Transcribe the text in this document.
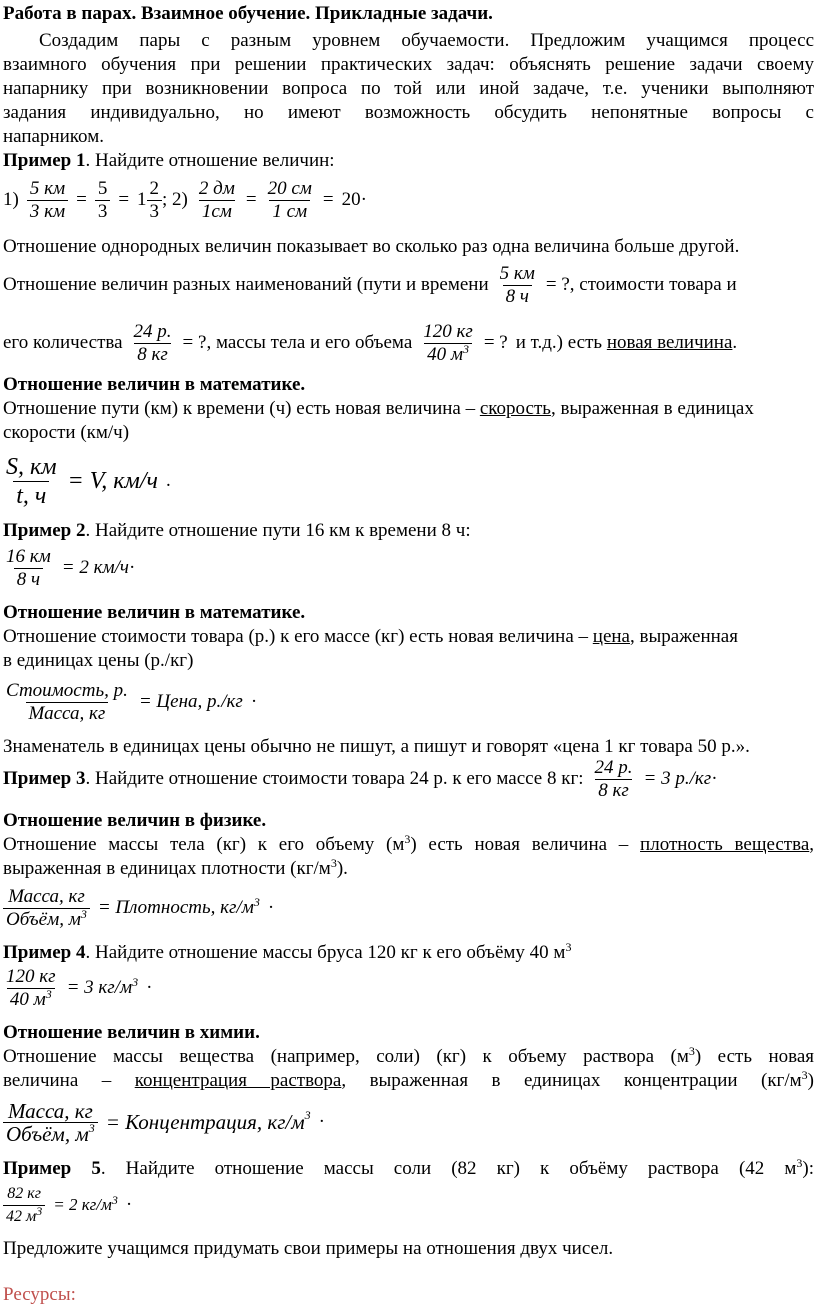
Работа в парах. Взаимное обучение. Прикладные задачи.
Создадим пары с разным уровнем обучаемости. Предложим учащимся процесс
взаимного обучения при решении практических задач: объяснять решение задачи своему
напарнику при возникновении вопроса по той или иной задаче, т.е. ученики выполняют
задания индивидуально, но имеют возможность обсудить непонятные вопросы с
напарником.
Пример 1. Найдите отношение величин:
1)
5 км
3 км
=
5
3
= 1
2
3
; 2)
2 дм
1см
=
20 см
1 см
= 20 ·
Отношение однородных величин показывает во сколько раз одна величина больше другой.
Отношение величин разных наименований (пути и времени
5 км
8 ч
= ? , стоимости товара и
его количества
24 р.
8 кг
= ? , массы тела и его объема
120 кг
40 $м^3$ = ? и т.д.) есть
новая величина .
Отношение величин в математике.
Отношение пути (км) к времени (ч) есть новая величина – скорость, выраженная в единицах
скорости (км/ч)
S, км
t, ч
= V, км/ч .
Пример 2. Найдите отношение пути 16 км к времени 8 ч:
16 км
8 ч
= 2 км/ч ·
Отношение величин в математике.
Отношение стоимости товара (р.) к его массе (кг) есть новая величина – цена, выраженная
в единицах цены (р./кг)
Стоимость, р.
Масса, кг
= Цена, р./кг ·
Знаменатель в единицах цены обычно не пишут, а пишут и говорят «цена 1 кг товара 50 р.».
Пример 3 . Найдите отношение стоимости товара 24 р. к его массе 8 кг:
24 р.
8 кг
= 3 р./кг ·
Отношение величин в физике.
Отношение массы тела (кг) к его объему $(м^3)$ есть новая величина – плотность вещества,
выраженная в единицах плотности $(кг/м^3)$.
Масса, кг
Объём, $м^3$ = Плотность, $кг/м^3$ ·
Пример 4. Найдите отношение массы бруса 120 кг к его объёму 40 $м^3$
120 кг
40 $м^3 = 3$ $кг/м^3$ ·
Отношение величин в химии.
Отношение массы вещества (например, соли) (кг) к объему раствора $(м^3)$ есть новая
величина – концентрация раствора, выраженная в единицах концентрации $(кг/м^3)$
Масса, кг
Объём, $м^3$ = Концентрация, $кг/м^3$ ·
Пример 5. Найдите отношение массы соли (82 кг) к объёму раствора (42 $м^3$):
82 кг
42 $м^3 = 2$ $кг/м^3$ ·
Предложите учащимся придумать свои примеры на отношения двух чисел.
Ресурсы:
